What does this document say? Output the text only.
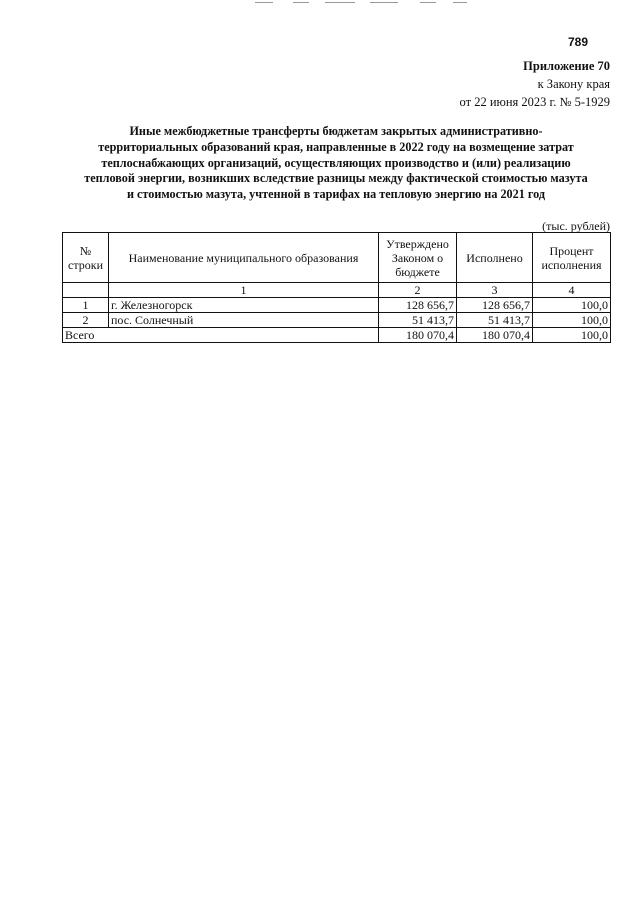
789
Приложение 70
к Закону края
от 22 июня 2023 г. № 5-1929
Иные межбюджетные трансферты бюджетам закрытых административно-
территориальных образований края, направленные в 2022 году на возмещение затрат
теплоснабжающих организаций, осуществляющих производство и (или) реализацию
тепловой энергии, возникших вследствие разницы между фактической стоимостью мазута
и стоимостью мазута, учтенной в тарифах на тепловую энергию на 2021 год
(тыс. рублей)
№ строки	Наименование муниципального образования	Утверждено Законом о бюджете	Исполнено	Процент исполнения
	1	2	3	4
1	г. Железногорск	128 656,7	128 656,7	100,0
2	пос. Солнечный	51 413,7	51 413,7	100,0
Всего		180 070,4	180 070,4	100,0
